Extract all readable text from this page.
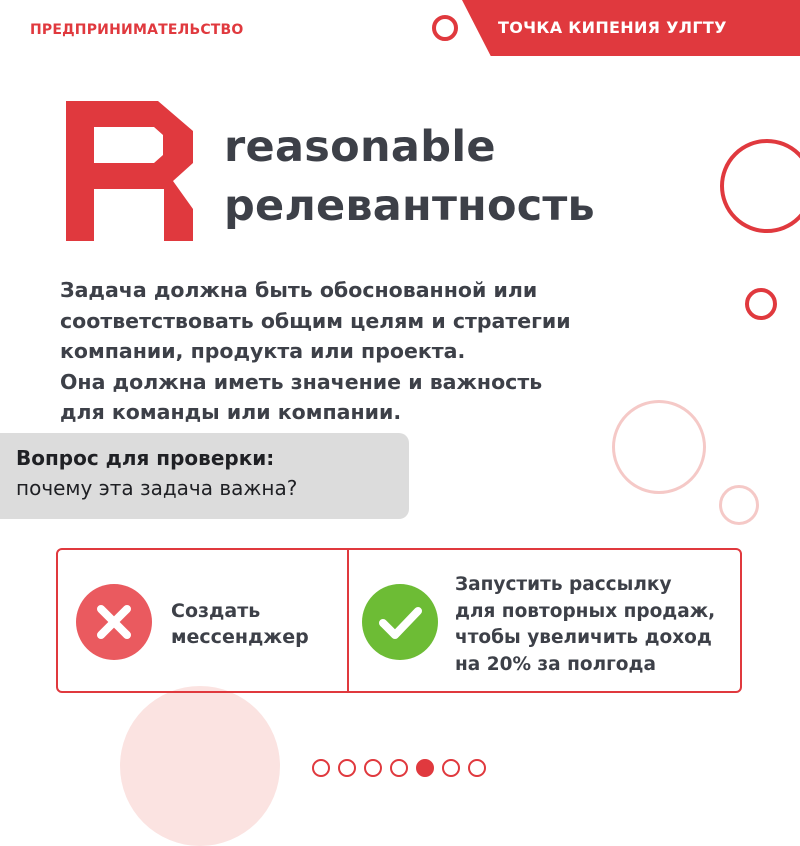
ПРЕДПРИНИМАТЕЛЬСТВО	ТОЧКА КИПЕНИЯ УЛГТУ
reasonable
релевантность
Задача должна быть обоснованной или
соответствовать общим целям и стратегии
компании, продукта или проекта.
Она должна иметь значение и важность
для команды или компании.
Вопрос для проверки:
почему эта задача важна?
Создать
мессенджер
Запустить рассылку
для повторных продаж,
чтобы увеличить доход
на 20% за полгода
